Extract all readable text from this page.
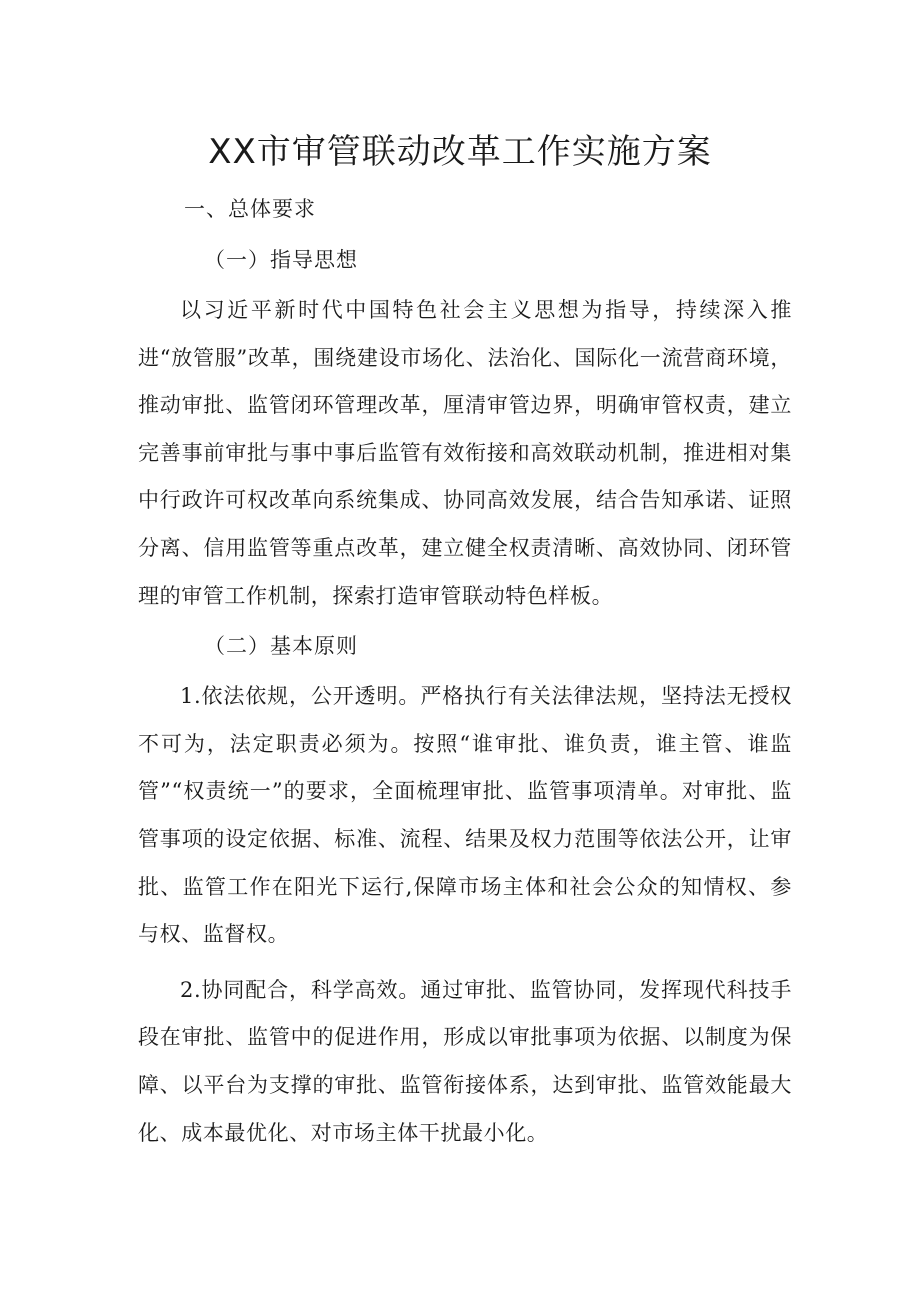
XX市审管联动改革工作实施方案

一、总体要求

（一）指导思想

以习近平新时代中国特色社会主义思想为指导，持续深入推进“放管服”改革，围绕建设市场化、法治化、国际化一流营商环境，推动审批、监管闭环管理改革，厘清审管边界，明确审管权责，建立完善事前审批与事中事后监管有效衔接和高效联动机制，推进相对集中行政许可权改革向系统集成、协同高效发展，结合告知承诺、证照分离、信用监管等重点改革，建立健全权责清晰、高效协同、闭环管理的审管工作机制，探索打造审管联动特色样板。

（二）基本原则

1.依法依规，公开透明。严格执行有关法律法规，坚持法无授权不可为，法定职责必须为。按照“谁审批、谁负责，谁主管、谁监管”“权责统一”的要求，全面梳理审批、监管事项清单。对审批、监管事项的设定依据、标准、流程、结果及权力范围等依法公开，让审批、监管工作在阳光下运行,保障市场主体和社会公众的知情权、参与权、监督权。

2.协同配合，科学高效。通过审批、监管协同，发挥现代科技手段在审批、监管中的促进作用，形成以审批事项为依据、以制度为保障、以平台为支撑的审批、监管衔接体系，达到审批、监管效能最大化、成本最优化、对市场主体干扰最小化。
